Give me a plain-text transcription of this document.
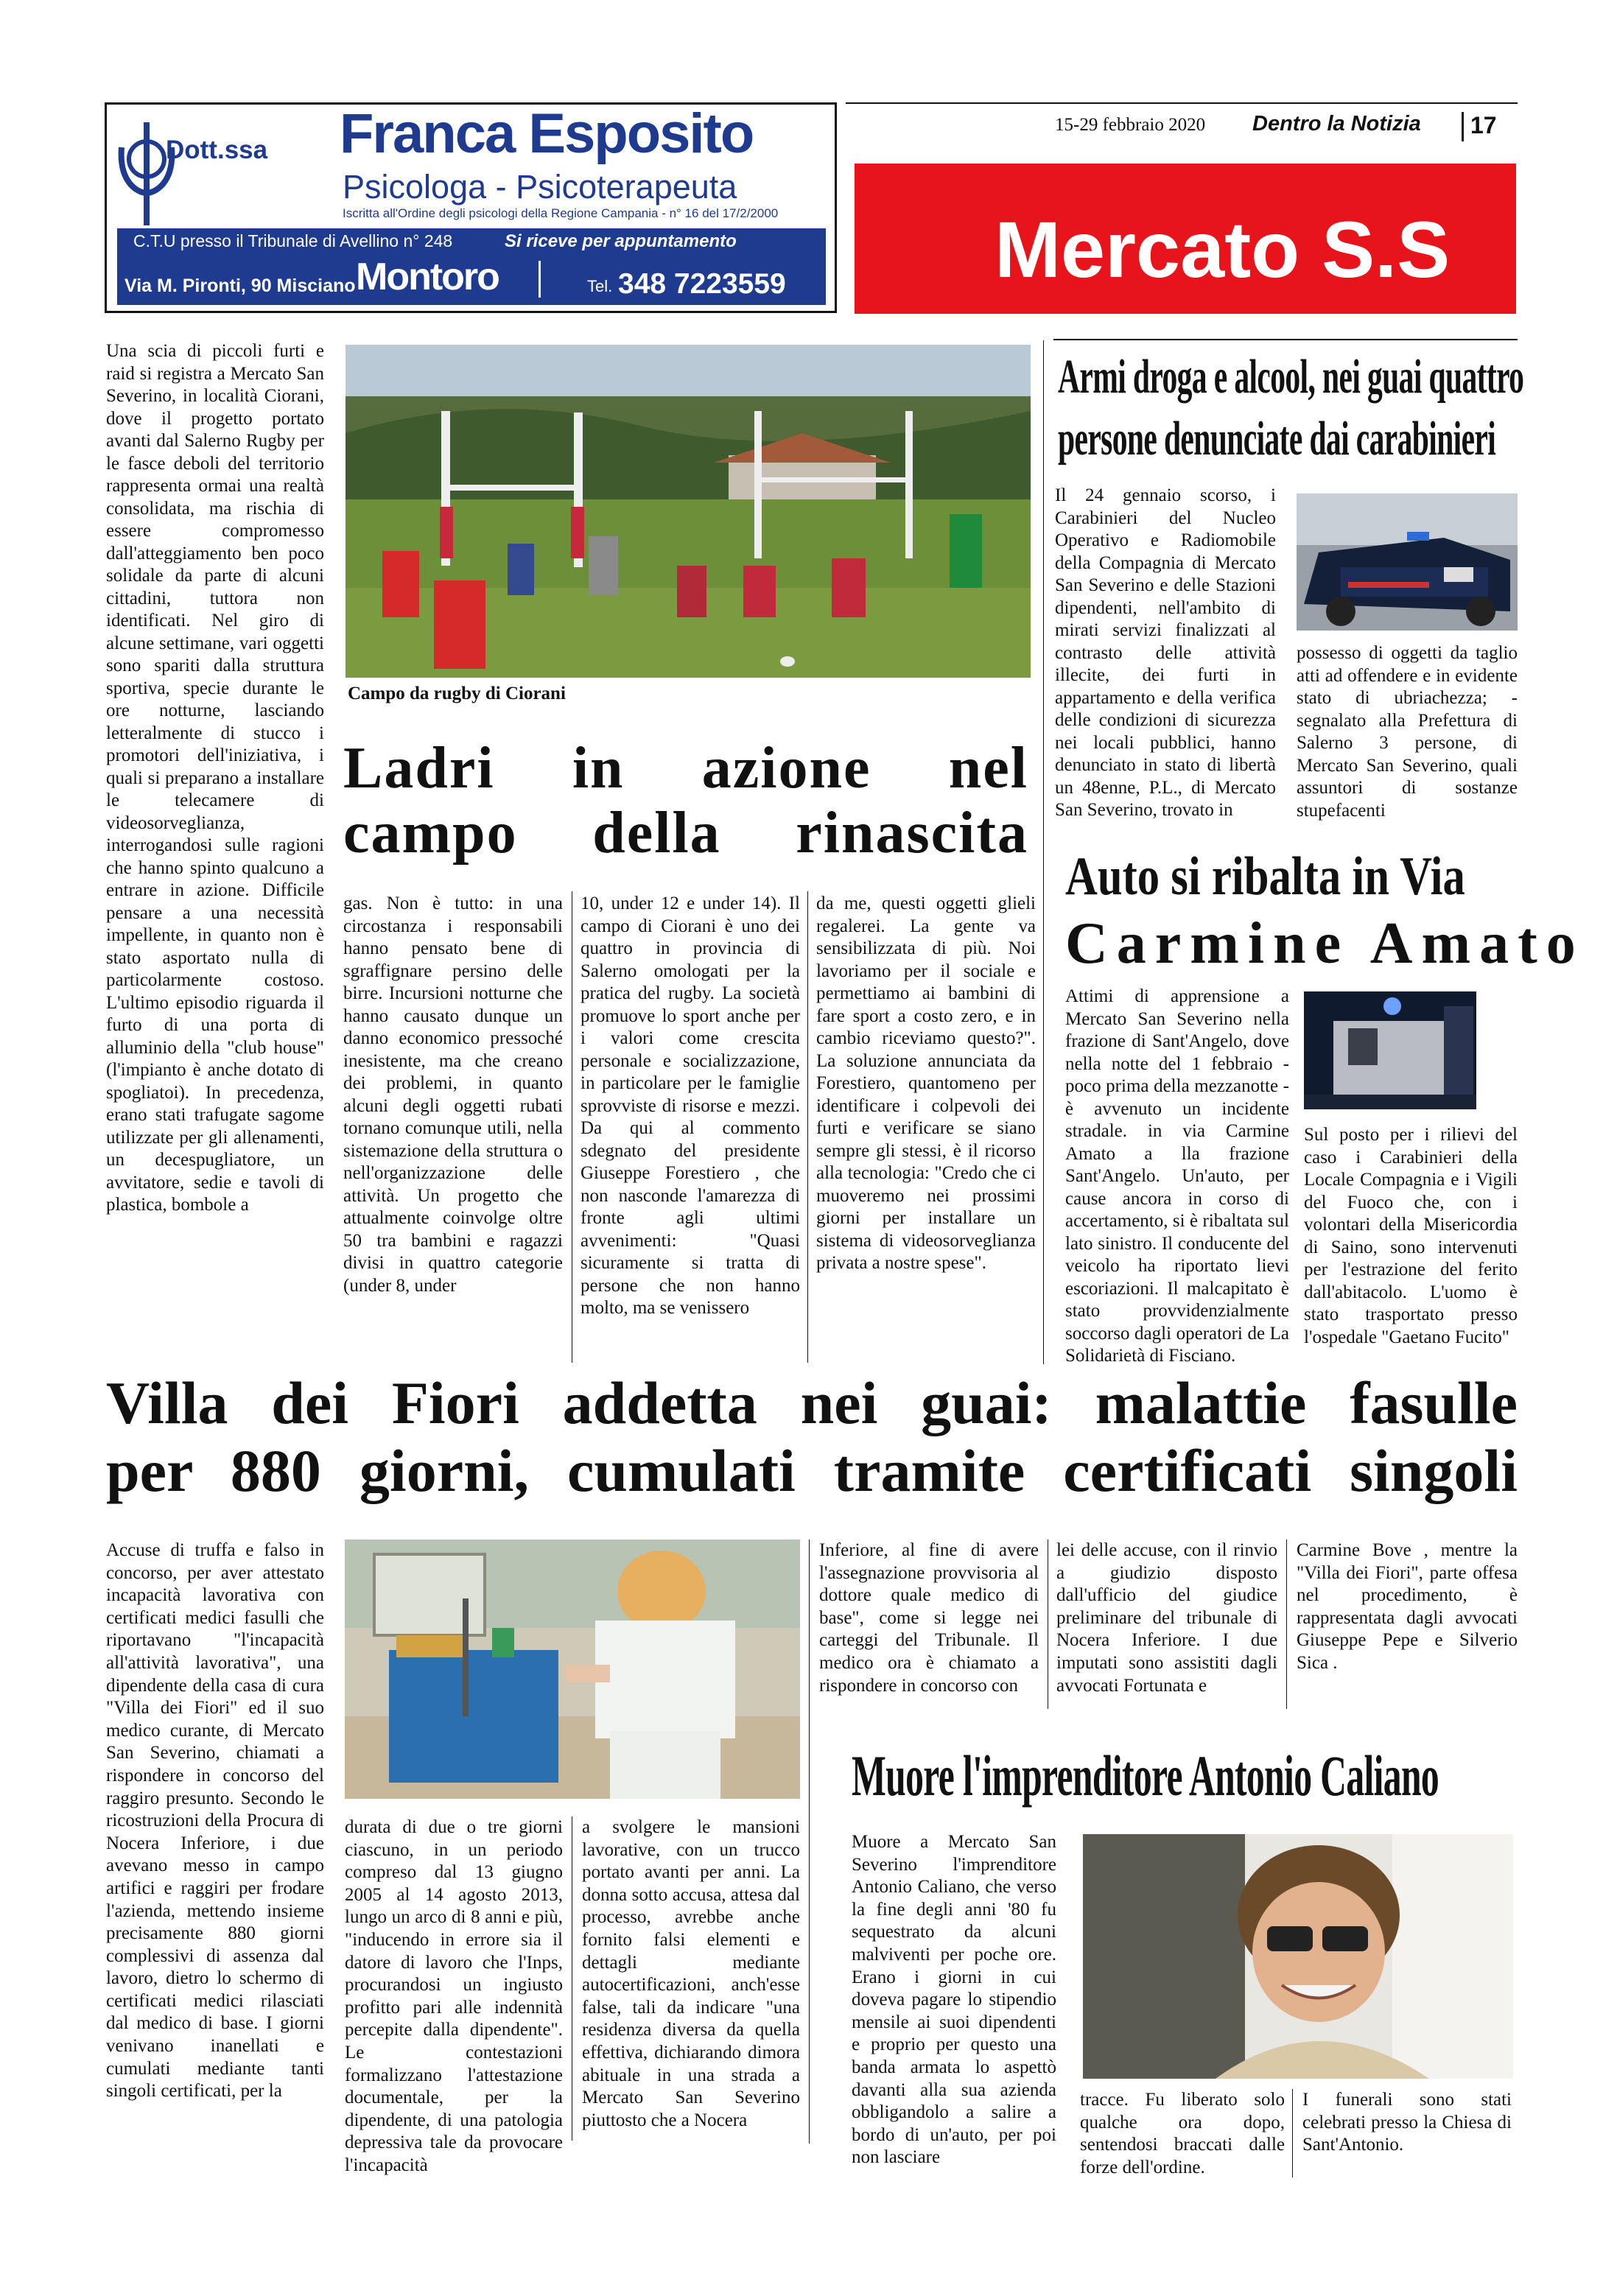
Dott.ssa Franca Esposito
Psicologa - Psicoterapeuta
Iscritta all'Ordine degli psicologi della Regione Campania - n° 16 del 17/2/2000
C.T.U presso il Tribunale di Avellino n° 248	Si riceve per appuntamento
Via M. Pironti, 90 Misciano Montoro	Tel. 348 7223559
15-29 febbraio 2020 Dentro la Notizia 17
Mercato S.S
Una scia di piccoli furti e raid si registra a Mercato San Severino, in località Ciorani, dove il progetto portato avanti dal Salerno Rugby per le fasce deboli del territorio rappresenta ormai una realtà consolidata, ma rischia di essere compromesso dall'atteggiamento ben poco solidale da parte di alcuni cittadini, tuttora non identificati. Nel giro di alcune settimane, vari oggetti sono spariti dalla struttura sportiva, specie durante le ore notturne, lasciando letteralmente di stucco i promotori dell'iniziativa, i quali si preparano a installare le telecamere di videosorveglianza, interrogandosi sulle ragioni che hanno spinto qualcuno a entrare in azione. Difficile pensare a una necessità impellente, in quanto non è stato asportato nulla di particolarmente costoso. L'ultimo episodio riguarda il furto di una porta di alluminio della "club house" (l'impianto è anche dotato di spogliatoi). In precedenza, erano stati trafugate sagome utilizzate per gli allenamenti, un decespugliatore, un avvitatore, sedie e tavoli di plastica, bombole a
Campo da rugby di Ciorani
Ladri in azione nel
campo della rinascita
gas. Non è tutto: in una circostanza i responsabili hanno pensato bene di sgraffignare persino delle birre. Incursioni notturne che hanno causato dunque un danno economico pressoché inesistente, ma che creano dei problemi, in quanto alcuni degli oggetti rubati tornano comunque utili, nella sistemazione della struttura o nell'organizzazione delle attività. Un progetto che attualmente coinvolge oltre 50 tra bambini e ragazzi divisi in quattro categorie (under 8, under
10, under 12 e under 14). Il campo di Ciorani è uno dei quattro in provincia di Salerno omologati per la pratica del rugby. La società promuove lo sport anche per i valori come crescita personale e socializzazione, in particolare per le famiglie sprovviste di risorse e mezzi. Da qui al commento sdegnato del presidente Giuseppe Forestiero , che non nasconde l'amarezza di fronte agli ultimi avvenimenti: "Quasi sicuramente si tratta di persone che non hanno molto, ma se venissero
da me, questi oggetti glieli regalerei. La gente va sensibilizzata di più. Noi lavoriamo per il sociale e permettiamo ai bambini di fare sport a costo zero, e in cambio riceviamo questo?". La soluzione annunciata da Forestiero, quantomeno per identificare i colpevoli dei furti e verificare se siano sempre gli stessi, è il ricorso alla tecnologia: "Credo che ci muoveremo nei prossimi giorni per installare un sistema di videosorveglianza privata a nostre spese".
Armi droga e alcool, nei guai quattro
persone denunciate dai carabinieri
Il 24 gennaio scorso, i Carabinieri del Nucleo Operativo e Radiomobile della Compagnia di Mercato San Severino e delle Stazioni dipendenti, nell'ambito di mirati servizi finalizzati al contrasto delle attività illecite, dei furti in appartamento e della verifica delle condizioni di sicurezza nei locali pubblici, hanno denunciato in stato di libertà un 48enne, P.L., di Mercato San Severino, trovato in
possesso di oggetti da taglio atti ad offendere e in evidente stato di ubriachezza; - segnalato alla Prefettura di Salerno 3 persone, di Mercato San Severino, quali assuntori di sostanze stupefacenti
Auto si ribalta in Via
Carmine Amato
Attimi di apprensione a Mercato San Severino nella frazione di Sant'Angelo, dove nella notte del 1 febbraio - poco prima della mezzanotte - è avvenuto un incidente stradale. in via Carmine Amato a lla frazione Sant'Angelo. Un'auto, per cause ancora in corso di accertamento, si è ribaltata sul lato sinistro. Il conducente del veicolo ha riportato lievi escoriazioni. Il malcapitato è stato provvidenzialmente soccorso dagli operatori de La Solidarietà di Fisciano.
Sul posto per i rilievi del caso i Carabinieri della Locale Compagnia e i Vigili del Fuoco che, con i volontari della Misericordia di Saino, sono intervenuti per l'estrazione del ferito dall'abitacolo. L'uomo è stato trasportato presso l'ospedale "Gaetano Fucito"
Villa dei Fiori addetta nei guai: malattie fasulle
per 880 giorni, cumulati tramite certificati singoli
Accuse di truffa e falso in concorso, per aver attestato incapacità lavorativa con certificati medici fasulli che riportavano "l'incapacità all'attività lavorativa", una dipendente della casa di cura "Villa dei Fiori" ed il suo medico curante, di Mercato San Severino, chiamati a rispondere in concorso del raggiro presunto. Secondo le ricostruzioni della Procura di Nocera Inferiore, i due avevano messo in campo artifici e raggiri per frodare l'azienda, mettendo insieme precisamente 880 giorni complessivi di assenza dal lavoro, dietro lo schermo di certificati medici rilasciati dal medico di base. I giorni venivano inanellati e cumulati mediante tanti singoli certificati, per la
durata di due o tre giorni ciascuno, in un periodo compreso dal 13 giugno 2005 al 14 agosto 2013, lungo un arco di 8 anni e più, "inducendo in errore sia il datore di lavoro che l'Inps, procurandosi un ingiusto profitto pari alle indennità percepite dalla dipendente". Le contestazioni formalizzano l'attestazione documentale, per la dipendente, di una patologia depressiva tale da provocare l'incapacità
a svolgere le mansioni lavorative, con un trucco portato avanti per anni. La donna sotto accusa, attesa dal processo, avrebbe anche fornito falsi elementi e dettagli mediante autocertificazioni, anch'esse false, tali da indicare "una residenza diversa da quella effettiva, dichiarando dimora abituale in una strada a Mercato San Severino piuttosto che a Nocera
Inferiore, al fine di avere l'assegnazione provvisoria al dottore quale medico di base", come si legge nei carteggi del Tribunale. Il medico ora è chiamato a rispondere in concorso con
lei delle accuse, con il rinvio a giudizio disposto dall'ufficio del giudice preliminare del tribunale di Nocera Inferiore. I due imputati sono assistiti dagli avvocati Fortunata e
Carmine Bove , mentre la "Villa dei Fiori", parte offesa nel procedimento, è rappresentata dagli avvocati Giuseppe Pepe e Silverio Sica .
Muore l'imprenditore Antonio Caliano
Muore a Mercato San Severino l'imprenditore Antonio Caliano, che verso la fine degli anni '80 fu sequestrato da alcuni malviventi per poche ore. Erano i giorni in cui doveva pagare lo stipendio mensile ai suoi dipendenti e proprio per questo una banda armata lo aspettò davanti alla sua azienda obbligandolo a salire a bordo di un'auto, per poi non lasciare
tracce. Fu liberato solo qualche ora dopo, sentendosi braccati dalle forze dell'ordine.
I funerali sono stati celebrati presso la Chiesa di Sant'Antonio.
